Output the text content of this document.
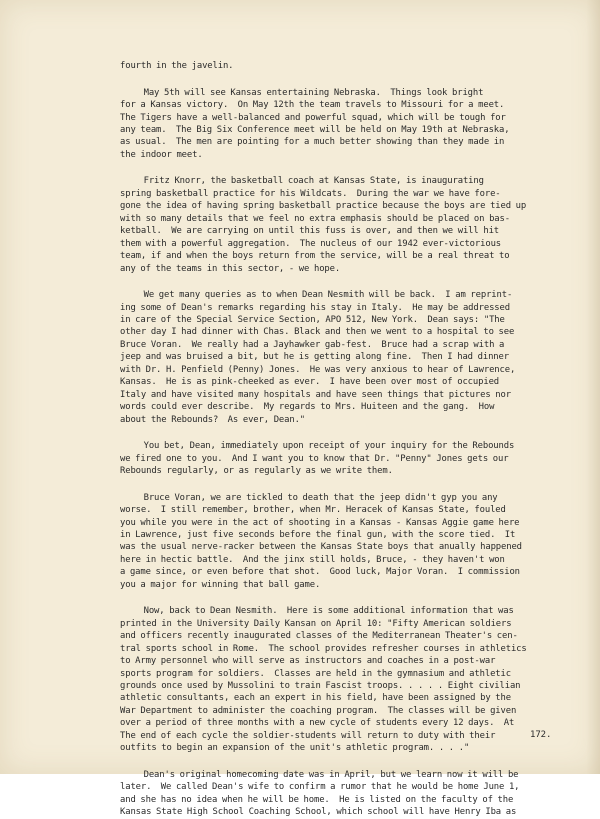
fourth in the javelin.
May 5th will see Kansas entertaining Nebraska.  Things look bright
for a Kansas victory.  On May 12th the team travels to Missouri for a meet.
The Tigers have a well-balanced and powerful squad, which will be tough for
any team.  The Big Six Conference meet will be held on May 19th at Nebraska,
as usual.  The men are pointing for a much better showing than they made in
the indoor meet.
Fritz Knorr, the basketball coach at Kansas State, is inaugurating
spring basketball practice for his Wildcats.  During the war we have fore-
gone the idea of having spring basketball practice because the boys are tied up
with so many details that we feel no extra emphasis should be placed on bas-
ketball.  We are carrying on until this fuss is over, and then we will hit
them with a powerful aggregation.  The nucleus of our 1942 ever-victorious
team, if and when the boys return from the service, will be a real threat to
any of the teams in this sector, - we hope.
We get many queries as to when Dean Nesmith will be back.  I am reprint-
ing some of Dean's remarks regarding his stay in Italy.  He may be addressed
in care of the Special Service Section, APO 512, New York.  Dean says: "The
other day I had dinner with Chas. Black and then we went to a hospital to see
Bruce Voran.  We really had a Jayhawker gab-fest.  Bruce had a scrap with a
jeep and was bruised a bit, but he is getting along fine.  Then I had dinner
with Dr. H. Penfield (Penny) Jones.  He was very anxious to hear of Lawrence,
Kansas.  He is as pink-cheeked as ever.  I have been over most of occupied
Italy and have visited many hospitals and have seen things that pictures nor
words could ever describe.  My regards to Mrs. Huiteen and the gang.  How
about the Rebounds?  As ever, Dean."
You bet, Dean, immediately upon receipt of your inquiry for the Rebounds
we fired one to you.  And I want you to know that Dr. "Penny" Jones gets our
Rebounds regularly, or as regularly as we write them.
Bruce Voran, we are tickled to death that the jeep didn't gyp you any
worse.  I still remember, brother, when Mr. Heracek of Kansas State, fouled
you while you were in the act of shooting in a Kansas - Kansas Aggie game here
in Lawrence, just five seconds before the final gun, with the score tied.  It
was the usual nerve-racker between the Kansas State boys that anually happened
here in hectic battle.  And the jinx still holds, Bruce, - they haven't won
a game since, or even before that shot.  Good luck, Major Voran.  I commission
you a major for winning that ball game.
Now, back to Dean Nesmith.  Here is some additional information that was
printed in the University Daily Kansan on April 10: "Fifty American soldiers
and officers recently inaugurated classes of the Mediterranean Theater's cen-
tral sports school in Rome.  The school provides refresher courses in athletics
to Army personnel who will serve as instructors and coaches in a post-war
sports program for soldiers.  Classes are held in the gymnasium and athletic
grounds once used by Mussolini to train Fascist troops. . . . . Eight civilian
athletic consultants, each an expert in his field, have been assigned by the
War Department to administer the coaching program.  The classes will be given
over a period of three months with a new cycle of students every 12 days.  At
The end of each cycle the soldier-students will return to duty with their
outfits to begin an expansion of the unit's athletic program. . . ."
Dean's original homecoming date was in April, but we learn now it will be
later.  We called Dean's wife to confirm a rumor that he would be home June 1,
and she has no idea when he will be home.  He is listed on the faculty of the
Kansas State High School Coaching School, which school will have Henry Iba as
172.
